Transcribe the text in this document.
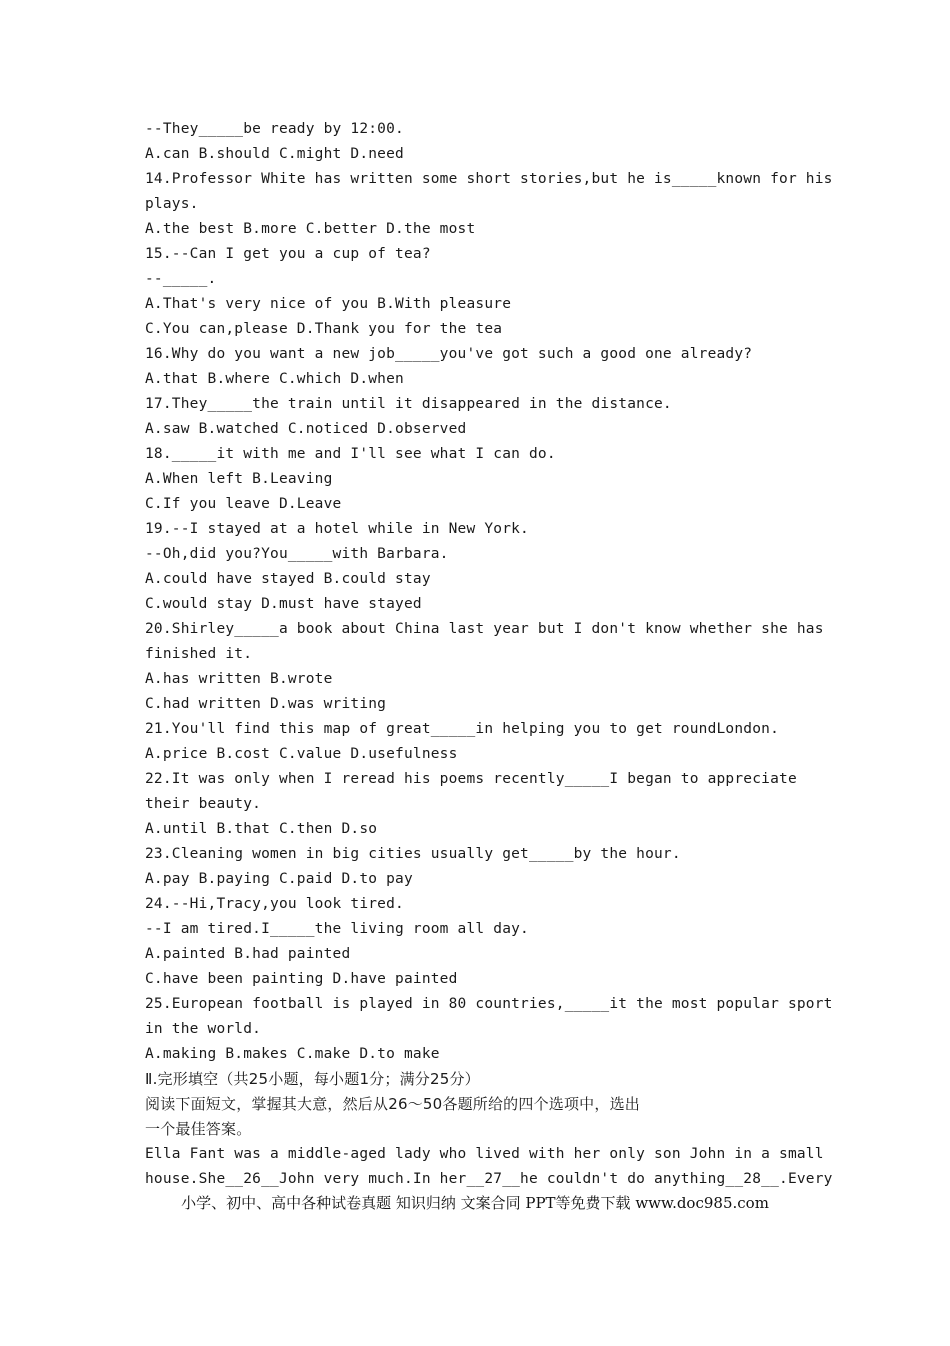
--They_____be ready by 12:00.
A.can B.should C.might D.need
14.Professor White has written some short stories,but he is_____known for his
plays.
A.the best B.more C.better D.the most
15.--Can I get you a cup of tea?
--_____.
A.That's very nice of you B.With pleasure
C.You can,please D.Thank you for the tea
16.Why do you want a new job_____you've got such a good one already?
A.that B.where C.which D.when
17.They_____the train until it disappeared in the distance.
A.saw B.watched C.noticed D.observed
18._____it with me and I'll see what I can do.
A.When left B.Leaving
C.If you leave D.Leave
19.--I stayed at a hotel while in New York.
--Oh,did you?You_____with Barbara.
A.could have stayed B.could stay
C.would stay D.must have stayed
20.Shirley_____a book about China last year but I don't know whether she has
finished it.
A.has written B.wrote
C.had written D.was writing
21.You'll find this map of great_____in helping you to get roundLondon.
A.price B.cost C.value D.usefulness
22.It was only when I reread his poems recently_____I began to appreciate
their beauty.
A.until B.that C.then D.so
23.Cleaning women in big cities usually get_____by the hour.
A.pay B.paying C.paid D.to pay
24.--Hi,Tracy,you look tired.
--I am tired.I_____the living room all day.
A.painted B.had painted
C.have been painting D.have painted
25.European football is played in 80 countries,_____it the most popular sport
in the world.
A.making B.makes C.make D.to make
Ⅱ.完形填空（共25小题，每小题1分；满分25分）
阅读下面短文，掌握其大意，然后从26～50各题所给的四个选项中，选出
一个最佳答案。
Ella Fant was a middle-aged lady who lived with her only son John in a small
house.She__26__John very much.In her__27__he couldn't do anything__28__.Every
小学、初中、高中各种试卷真题 知识归纳 文案合同 PPT等免费下载 www.doc985.com
